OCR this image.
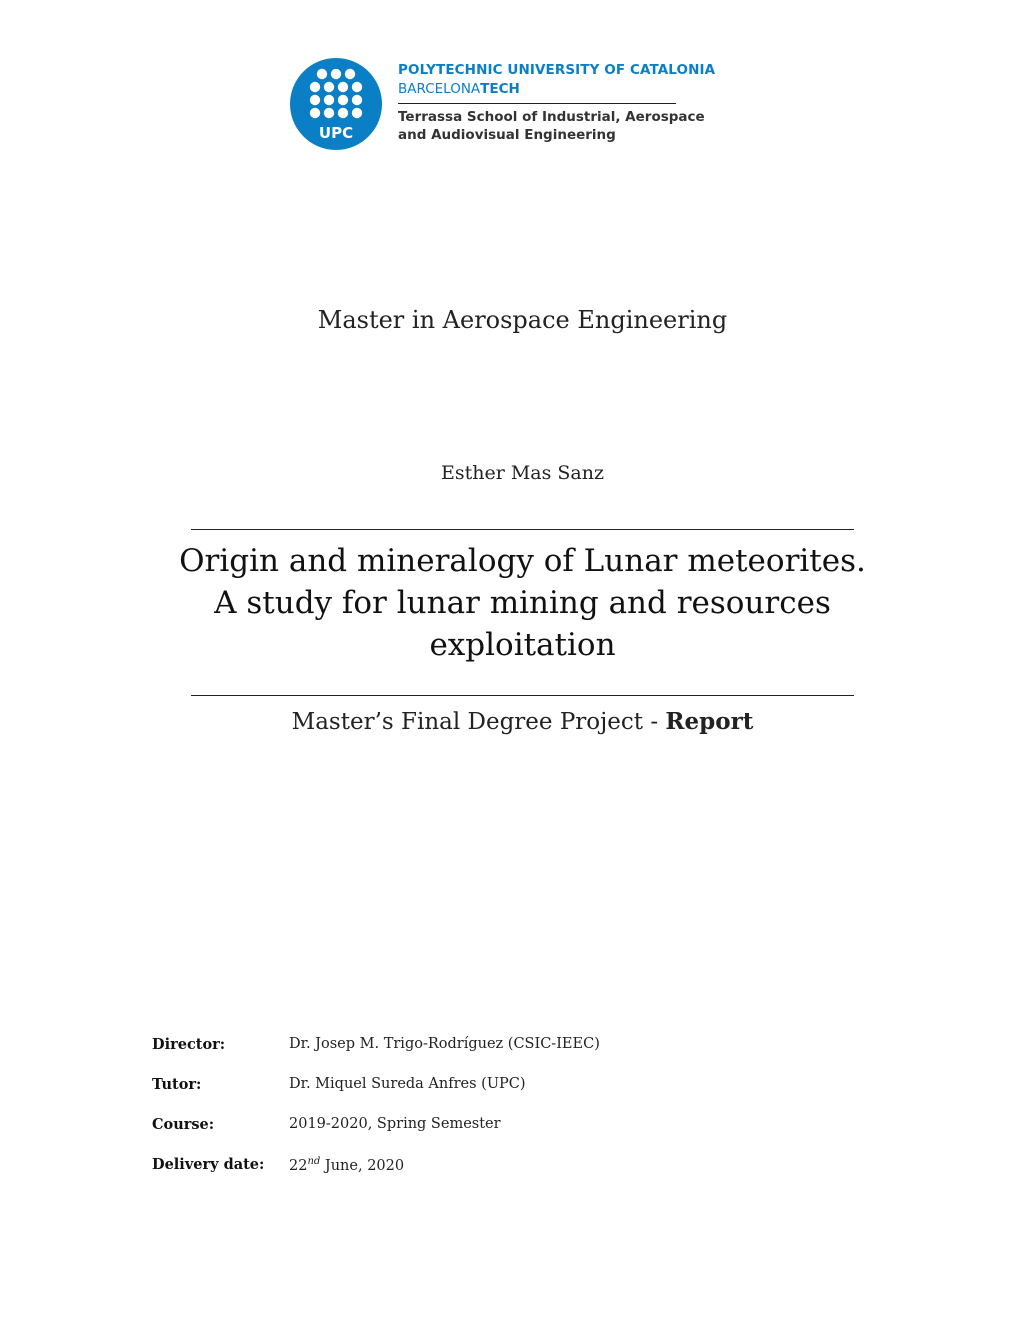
UPC
POLYTECHNIC UNIVERSITY OF CATALONIA
BARCELONATECH
Terrassa School of Industrial, Aerospace
and Audiovisual Engineering
Master in Aerospace Engineering
Esther Mas Sanz
Origin and mineralogy of Lunar meteorites.
A study for lunar mining and resources
exploitation
Master’s Final Degree Project - Report
Director:	Dr. Josep M. Trigo-Rodríguez (CSIC-IEEC)
Tutor:	Dr. Miquel Sureda Anfres (UPC)
Course:	2019-2020, Spring Semester
Delivery date: 22nd June, 2020
